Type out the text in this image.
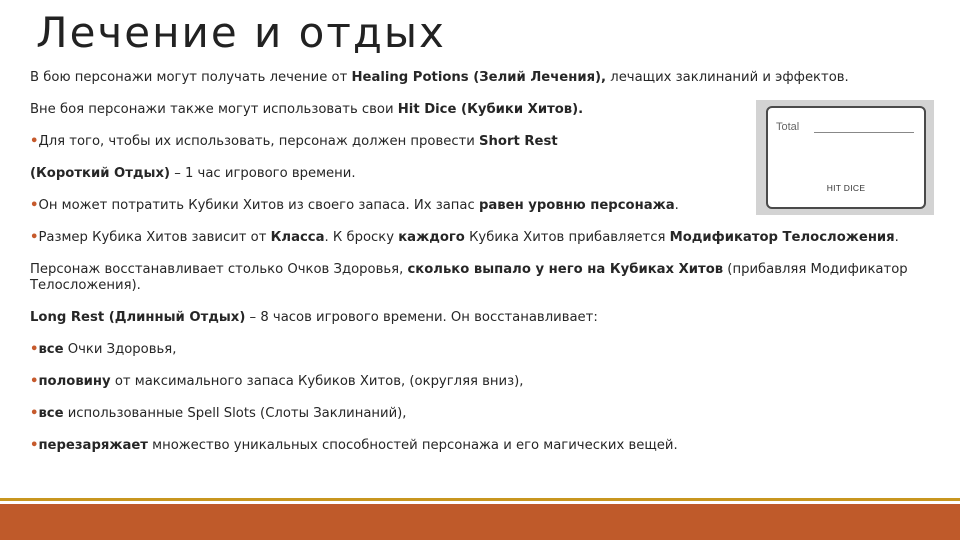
Лечение и отдых

В бою персонажи могут получать лечение от Healing Potions (Зелий Лечения), лечащих заклинаний и эффектов.

Вне боя персонажи также могут использовать свои Hit Dice (Кубики Хитов).

•Для того, чтобы их использовать, персонаж должен провести Short Rest

(Короткий Отдых) – 1 час игрового времени.

•Он может потратить Кубики Хитов из своего запаса. Их запас равен уровню персонажа.

•Размер Кубика Хитов зависит от Класса. К броску каждого Кубика Хитов прибавляется Модификатор Телосложения.

Персонаж восстанавливает столько Очков Здоровья, сколько выпало у него на Кубиках Хитов (прибавляя Модификатор Телосложения).

Long Rest (Длинный Отдых) – 8 часов игрового времени. Он восстанавливает:

•все Очки Здоровья,

•половину от максимального запаса Кубиков Хитов, (округляя вниз),

•все использованные Spell Slots (Слоты Заклинаний),

•перезаряжает множество уникальных способностей персонажа и его магических вещей.

Total
HIT DICE
